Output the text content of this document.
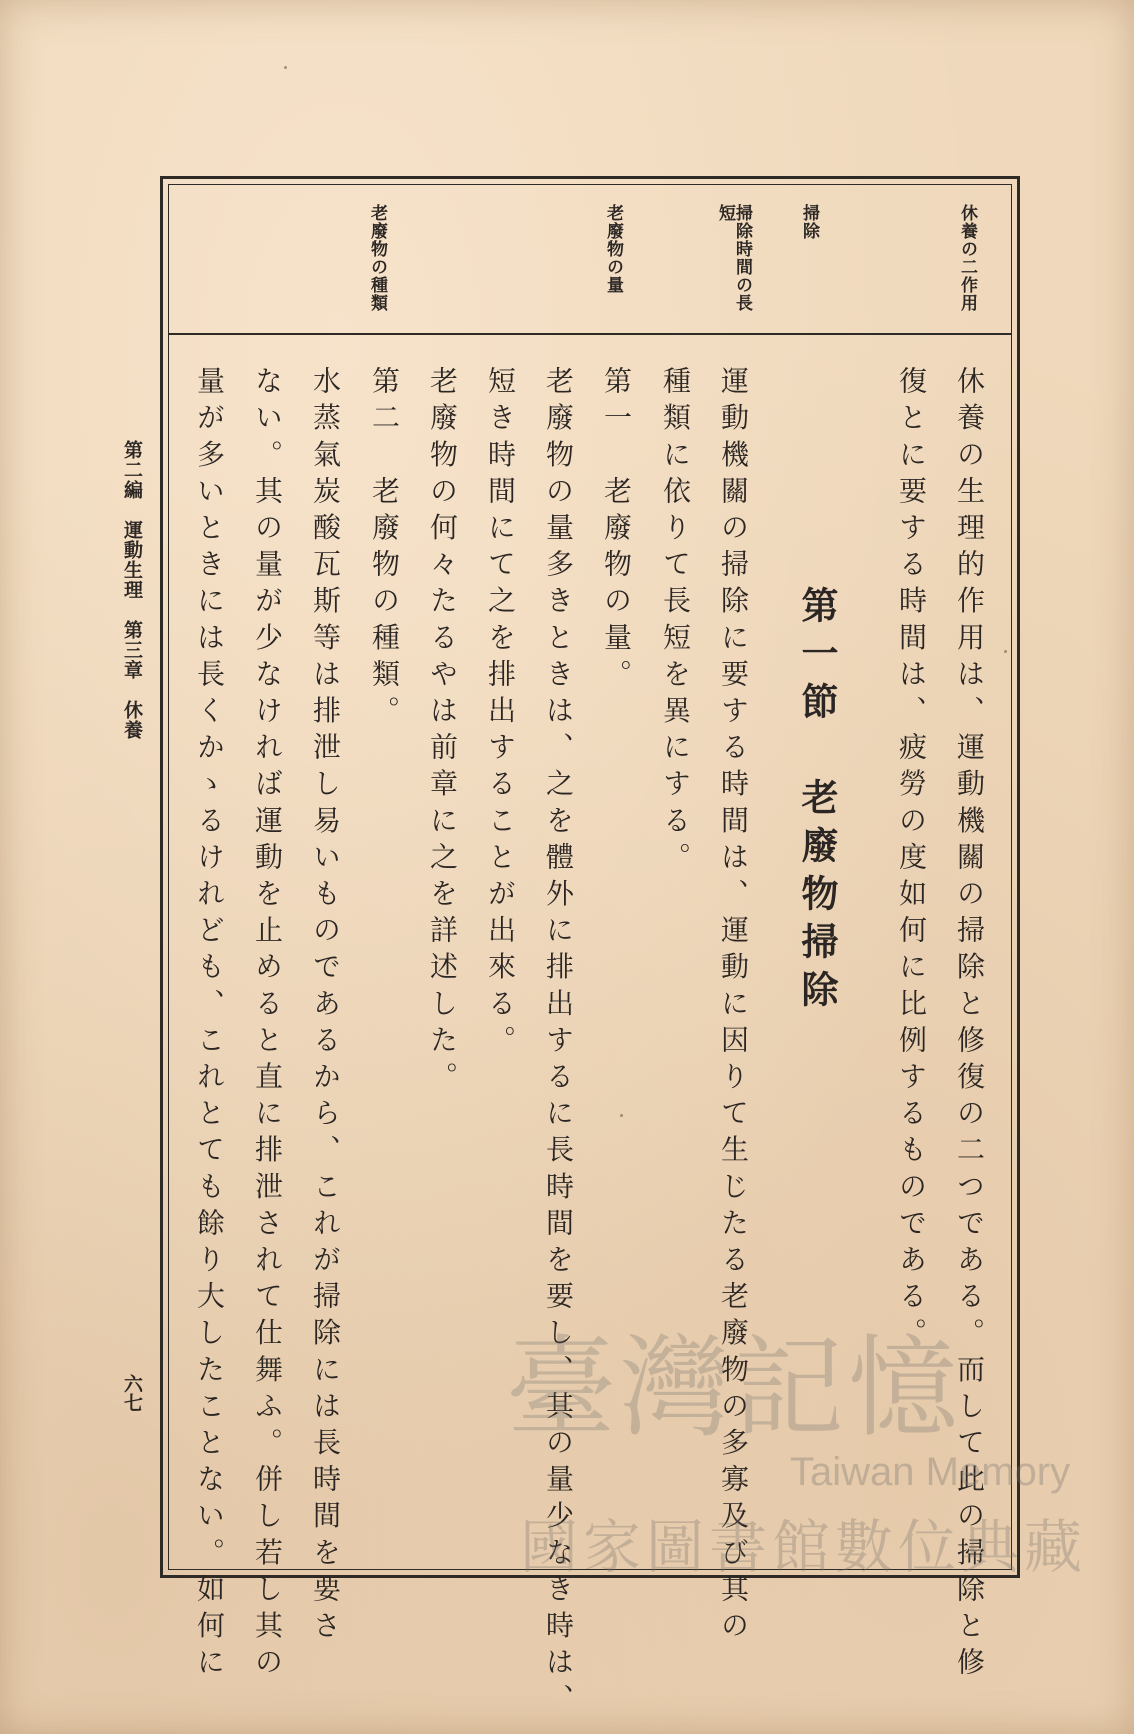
休養の二作用

掃除

掃除時間の長短

老廢物の量

老廢物の種類

休養の生理的作用は、運動機關の掃除と修復の二つである。而して此の掃除と修

復とに要する時間は、疲勞の度如何に比例するものである。

第一節　老廢物掃除

運動機關の掃除に要する時間は、運動に因りて生じたる老廢物の多寡及び其の

種類に依りて長短を異にする。

第一　老廢物の量。

老廢物の量多きときは、之を體外に排出するに長時間を要し、其の量少なき時は、

短き時間にて之を排出することが出來る。

老廢物の何々たるやは前章に之を詳述した。

第二　老廢物の種類。

水蒸氣炭酸瓦斯等は排泄し易いものであるから、これが掃除には長時間を要さ

ない。其の量が少なければ運動を止めると直に排泄されて仕舞ふ。併し若し其の

量が多いときには長くかゝるけれども、これとても餘り大したことない。如何に

第二編　運動生理　第三章　休養

六七	臺灣記憶
Taiwan Memory
國家圖書館數位典藏
